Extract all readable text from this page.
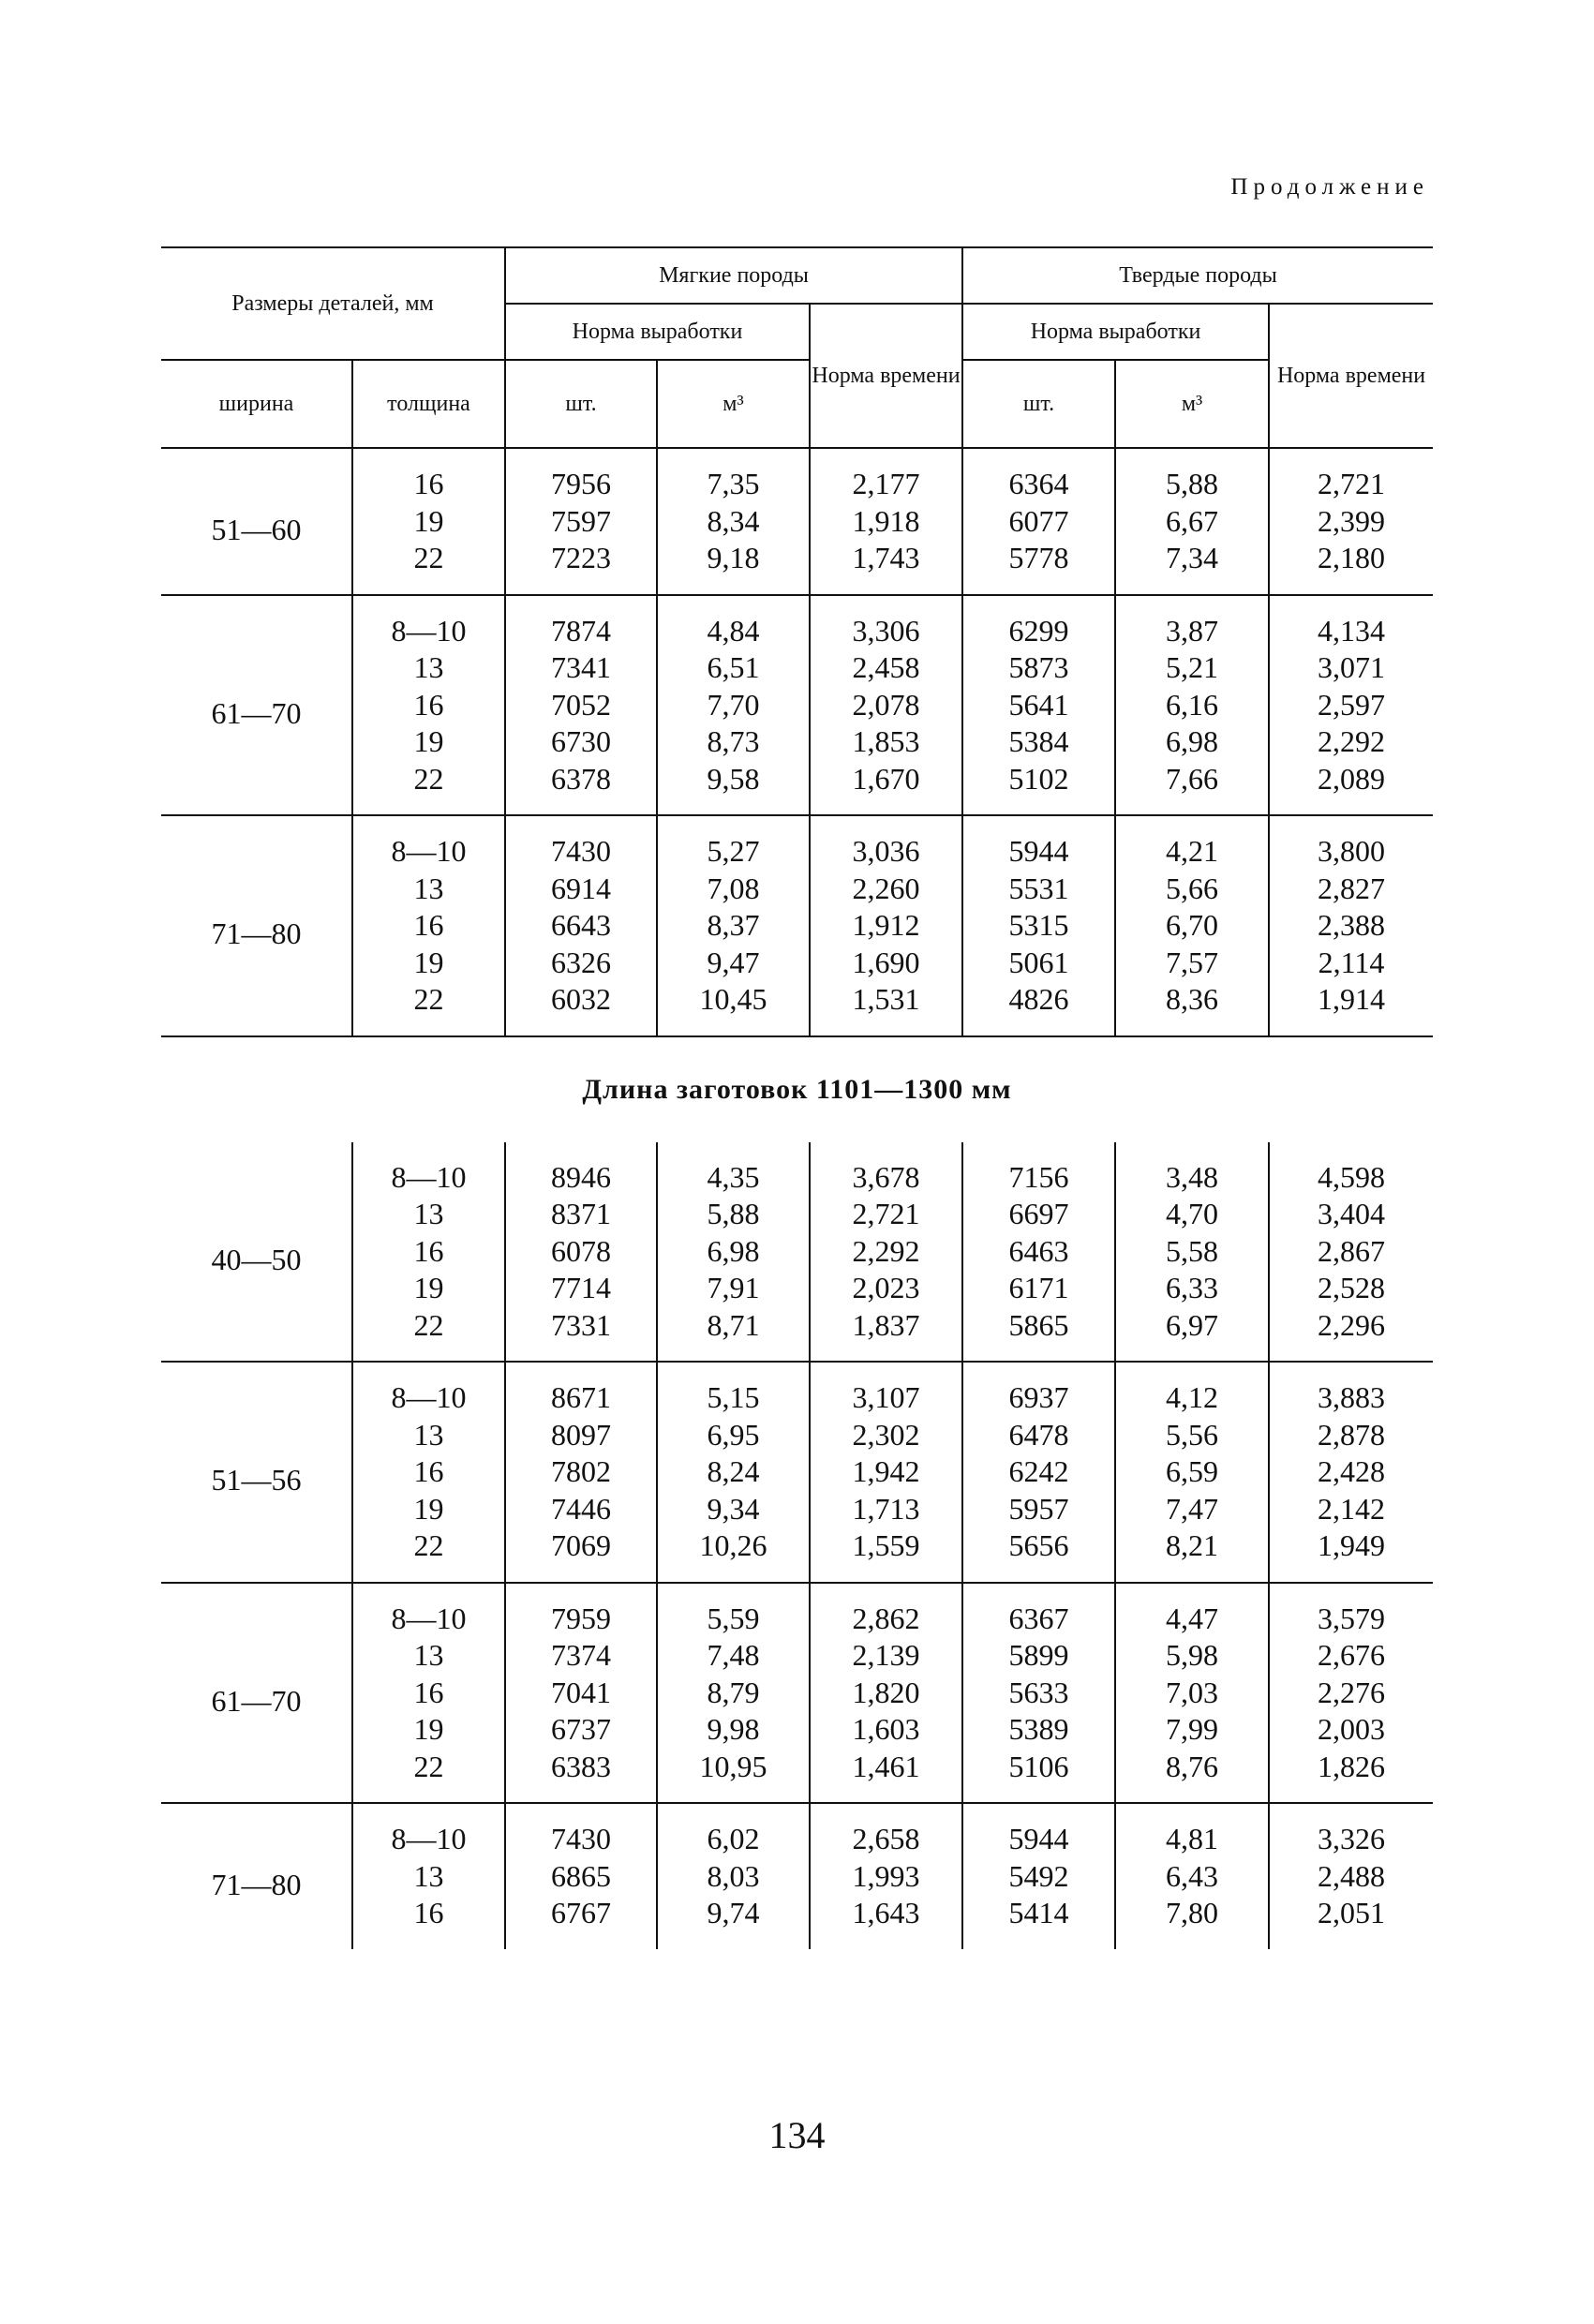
Продолжение
Размеры деталей, мм		Мягкие породы			Твердые породы		
		Норма выработки		Норма времени	Норма выработки		Норма времени
ширина	толщина	шт.	м³		шт.	м³	
51—60	16	7956	7,35	2,177	6364	5,88	2,721
	19	7597	8,34	1,918	6077	6,67	2,399
	22	7223	9,18	1,743	5778	7,34	2,180

61—70	8—10	7874	4,84	3,306	6299	3,87	4,134
	13	7341	6,51	2,458	5873	5,21	3,071
	16	7052	7,70	2,078	5641	6,16	2,597
	19	6730	8,73	1,853	5384	6,98	2,292
	22	6378	9,58	1,670	5102	7,66	2,089

71—80	8—10	7430	5,27	3,036	5944	4,21	3,800
	13	6914	7,08	2,260	5531	5,66	2,827
	16	6643	8,37	1,912	5315	6,70	2,388
	19	6326	9,47	1,690	5061	7,57	2,114
	22	6032	10,45	1,531	4826	8,36	1,914

Длина заготовок 1101—1300 мм							
40—50	8—10	8946	4,35	3,678	7156	3,48	4,598
	13	8371	5,88	2,721	6697	4,70	3,404
	16	6078	6,98	2,292	6463	5,58	2,867
	19	7714	7,91	2,023	6171	6,33	2,528
	22	7331	8,71	1,837	5865	6,97	2,296

51—56	8—10	8671	5,15	3,107	6937	4,12	3,883
	13	8097	6,95	2,302	6478	5,56	2,878
	16	7802	8,24	1,942	6242	6,59	2,428
	19	7446	9,34	1,713	5957	7,47	2,142
	22	7069	10,26	1,559	5656	8,21	1,949

61—70	8—10	7959	5,59	2,862	6367	4,47	3,579
	13	7374	7,48	2,139	5899	5,98	2,676
	16	7041	8,79	1,820	5633	7,03	2,276
	19	6737	9,98	1,603	5389	7,99	2,003
	22	6383	10,95	1,461	5106	8,76	1,826

71—80	8—10	7430	6,02	2,658	5944	4,81	3,326
	13	6865	8,03	1,993	5492	6,43	2,488
	16	6767	9,74	1,643	5414	7,80	2,051
134
